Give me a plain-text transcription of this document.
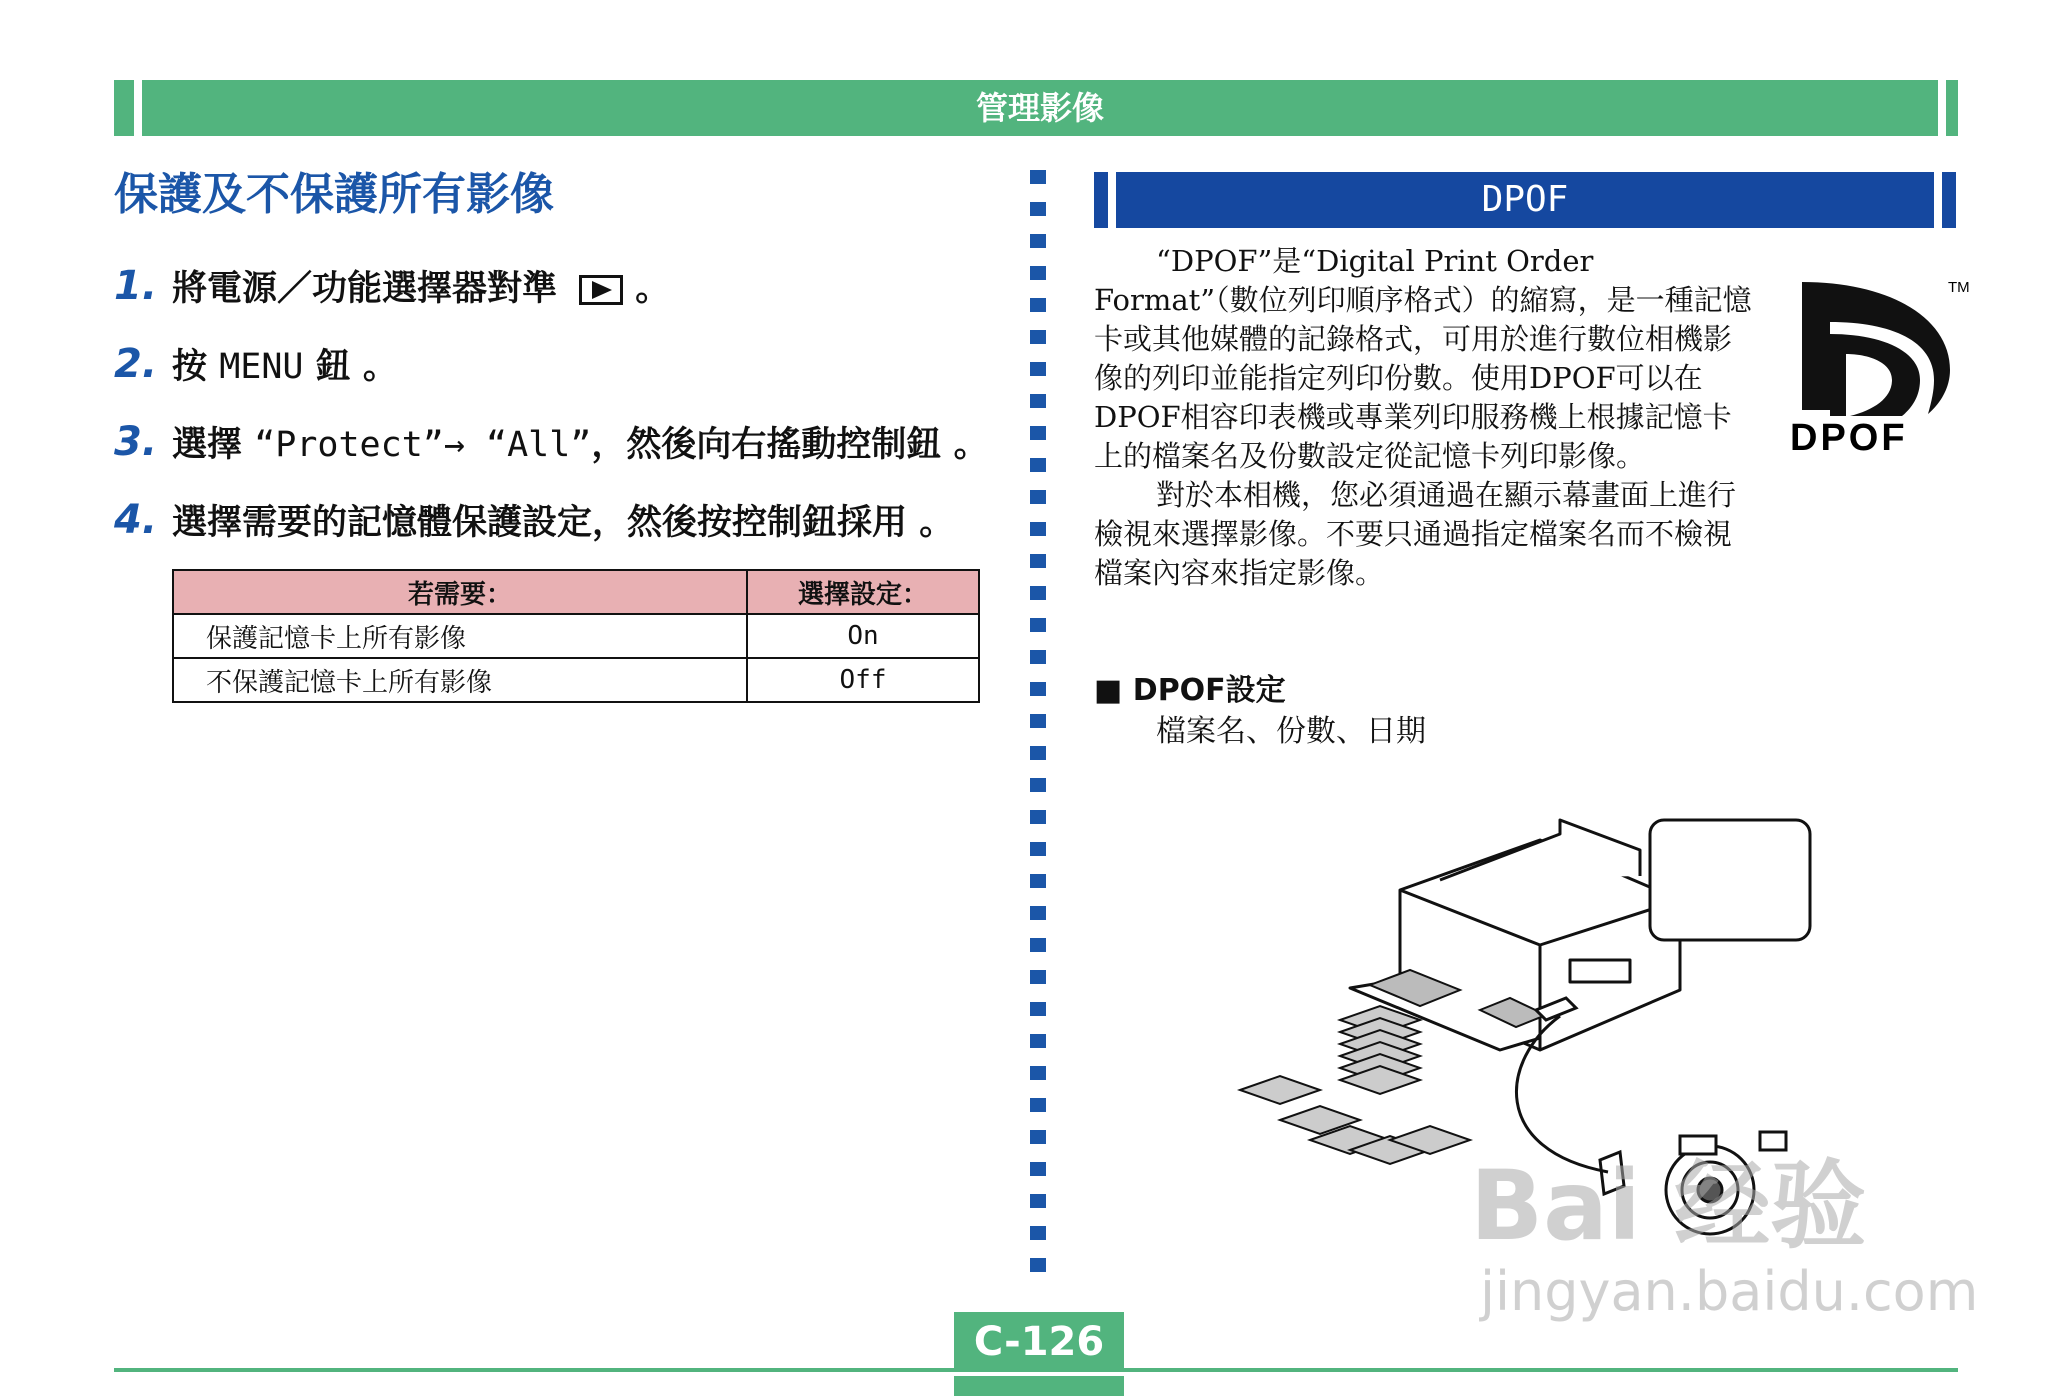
管理影像
保護及不保護所有影像
1. 將電源／功能選擇器對準 。
2. 按 MENU 鈕 。
3. 選擇 “Protect”→ “All”，然後向右搖動控制鈕 。
4. 選擇需要的記憶體保護設定，然後按控制鈕採用 。
若需要：	選擇設定：
保護記憶卡上所有影像	On
不保護記憶卡上所有影像	Off
DPOF

“DPOF”是“Digital Print Order Format”（數位列印順序格式）的縮寫，是一種記憶卡或其他媒體的記錄格式，可用於進行數位相機影像的列印並能指定列印份數。使用DPOF可以在DPOF相容印表機或專業列印服務機上根據記憶卡上的檔案名及份數設定從記憶卡列印影像。

對於本相機，您必須通過在顯示幕畫面上進行檢視來選擇影像。不要只通過指定檔案名而不檢視檔案內容來指定影像。

TM
DPOF
■ DPOF設定
檔案名、份數、日期
Bai 经验
jingyan.baidu.com
C-126
